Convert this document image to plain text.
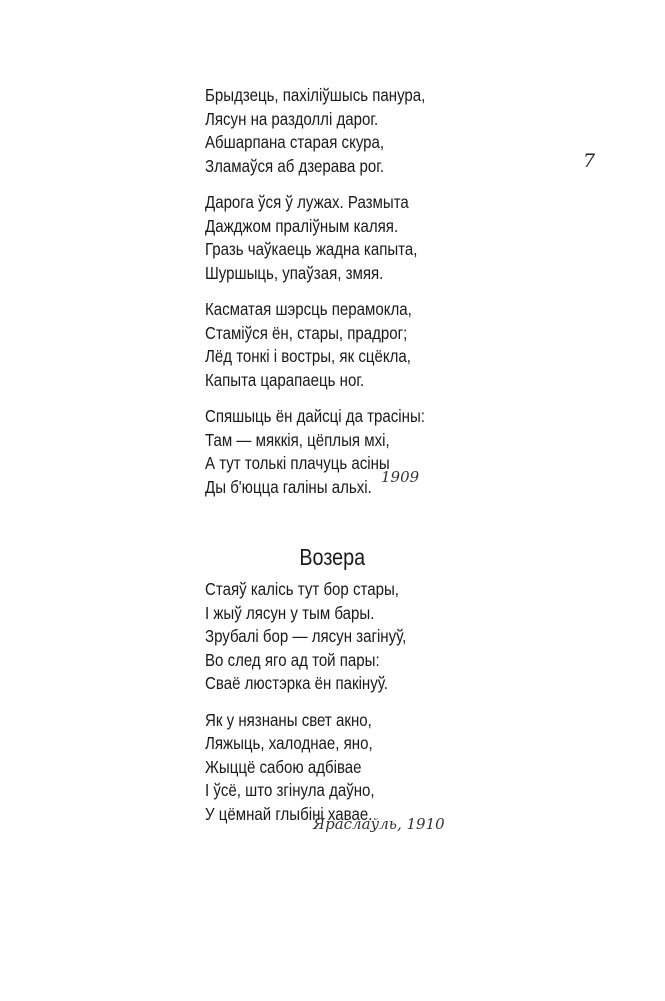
7
Брыдзець, пахіліўшысь панура,
Лясун на раздоллі дарог.
Абшарпана старая скура,
Зламаўся аб дзерава рог.
Дарога ўся ў лужах. Размыта
Дажджом праліўным каляя.
Гразь чаўкаець жадна капыта,
Шуршыць, упаўзая, змяя.
Касматая шэрсць перамокла,
Стаміўся ён, стары, прадрог;
Лёд тонкі і востры, як сцёкла,
Капыта царапаець ног.
Спяшыць ён дайсці да трасіны:
Там — мяккія, цёплыя мхі,
А тут толькі плачуць асіны
Ды б'юцца галіны альхі. 1909
Возера
Стаяў калісь тут бор стары,
І жыў лясун у тым бары.
Зрубалі бор — лясун загінуў,
Во след яго ад той пары:
Сваё люстэрка ён пакінуў.
Як у нязнаны свет акно,
Ляжыць, халоднае, яно,
Жыццё сабою адбівае
І ўсё, што згінула даўно,
У цёмнай глыбіні хавае.
Яраслаўль, 1910
